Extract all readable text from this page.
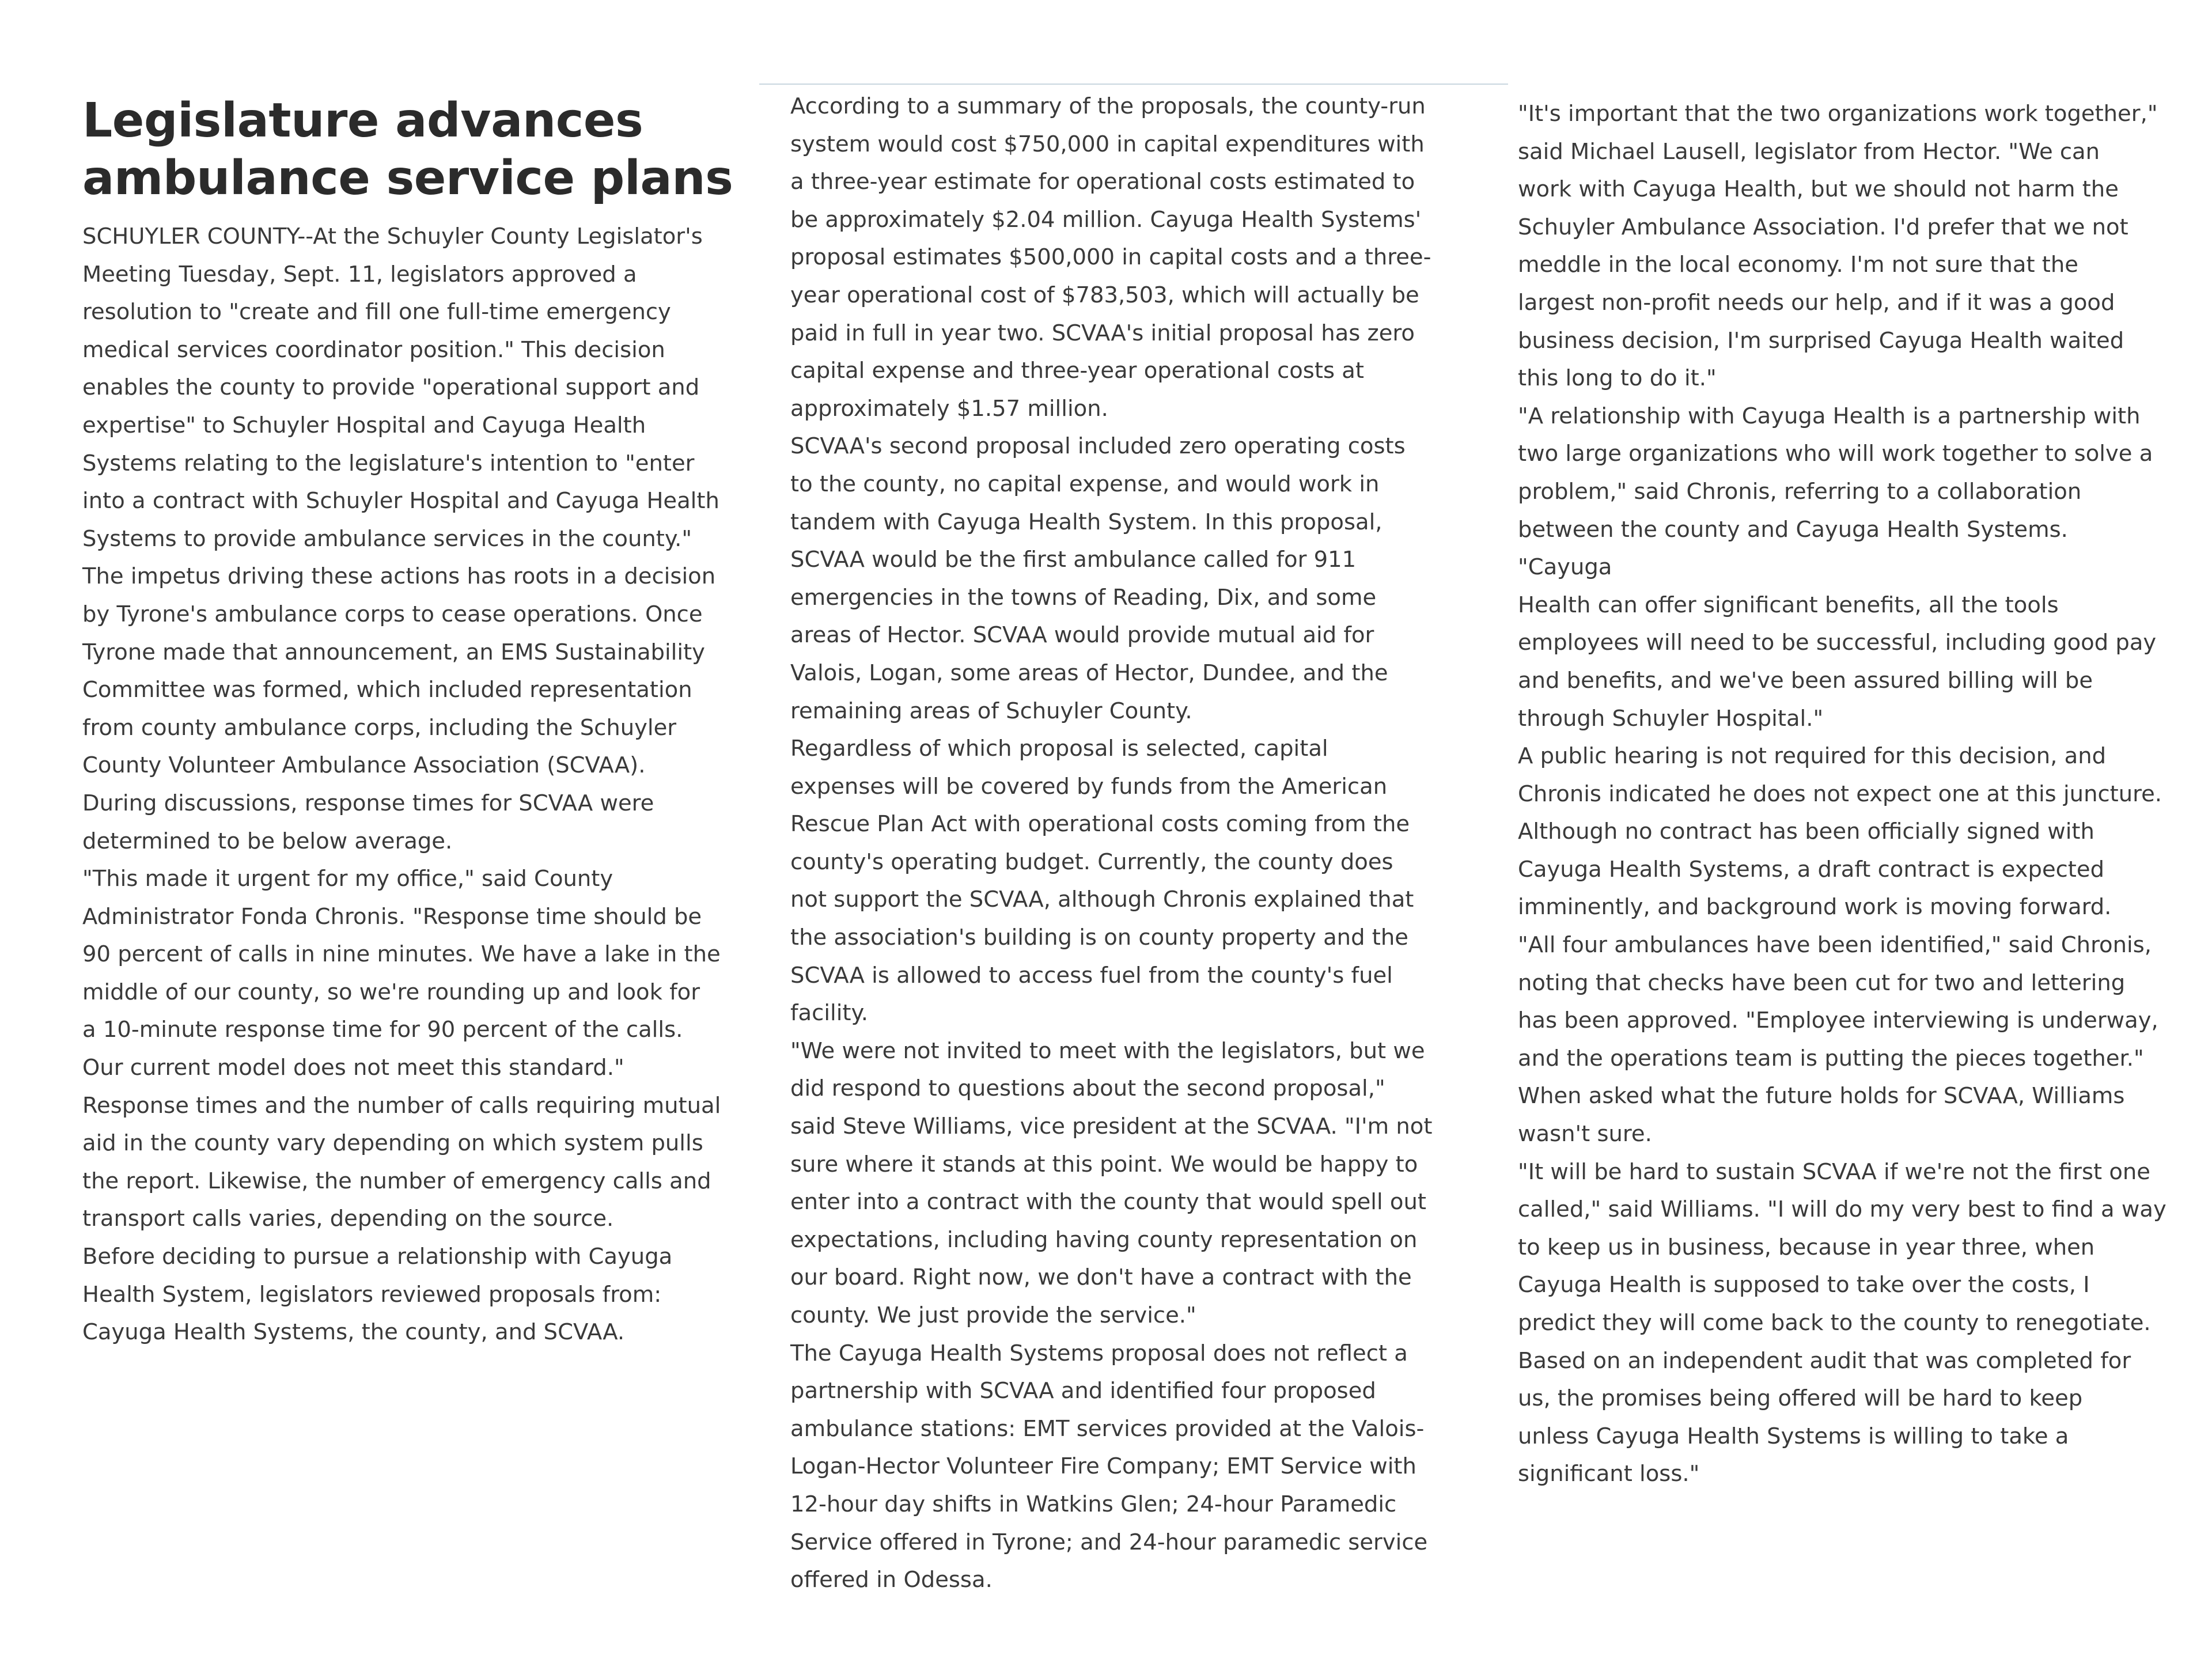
Legislature advances
ambulance service plans

SCHUYLER COUNTY--At the Schuyler County Legislator's
Meeting Tuesday, Sept. 11, legislators approved a
resolution to "create and fill one full-time emergency
medical services coordinator position." This decision
enables the county to provide "operational support and
expertise" to Schuyler Hospital and Cayuga Health
Systems relating to the legislature's intention to "enter
into a contract with Schuyler Hospital and Cayuga Health
Systems to provide ambulance services in the county."

The impetus driving these actions has roots in a decision
by Tyrone's ambulance corps to cease operations. Once
Tyrone made that announcement, an EMS Sustainability
Committee was formed, which included representation
from county ambulance corps, including the Schuyler
County Volunteer Ambulance Association (SCVAA).
During discussions, response times for SCVAA were
determined to be below average.

"This made it urgent for my office," said County
Administrator Fonda Chronis. "Response time should be
90 percent of calls in nine minutes. We have a lake in the
middle of our county, so we're rounding up and look for
a 10-minute response time for 90 percent of the calls.
Our current model does not meet this standard."

Response times and the number of calls requiring mutual
aid in the county vary depending on which system pulls
the report. Likewise, the number of emergency calls and
transport calls varies, depending on the source.

Before deciding to pursue a relationship with Cayuga
Health System, legislators reviewed proposals from:
Cayuga Health Systems, the county, and SCVAA.

According to a summary of the proposals, the county-run
system would cost $750,000 in capital expenditures with
a three-year estimate for operational costs estimated to
be approximately $2.04 million. Cayuga Health Systems'
proposal estimates $500,000 in capital costs and a three-
year operational cost of $783,503, which will actually be
paid in full in year two. SCVAA's initial proposal has zero
capital expense and three-year operational costs at
approximately $1.57 million.

SCVAA's second proposal included zero operating costs
to the county, no capital expense, and would work in
tandem with Cayuga Health System. In this proposal,
SCVAA would be the first ambulance called for 911
emergencies in the towns of Reading, Dix, and some
areas of Hector. SCVAA would provide mutual aid for
Valois, Logan, some areas of Hector, Dundee, and the
remaining areas of Schuyler County.

Regardless of which proposal is selected, capital
expenses will be covered by funds from the American
Rescue Plan Act with operational costs coming from the
county's operating budget. Currently, the county does
not support the SCVAA, although Chronis explained that
the association's building is on county property and the
SCVAA is allowed to access fuel from the county's fuel
facility.

"We were not invited to meet with the legislators, but we
did respond to questions about the second proposal,"
said Steve Williams, vice president at the SCVAA. "I'm not
sure where it stands at this point. We would be happy to
enter into a contract with the county that would spell out
expectations, including having county representation on
our board. Right now, we don't have a contract with the
county. We just provide the service."

The Cayuga Health Systems proposal does not reflect a
partnership with SCVAA and identified four proposed
ambulance stations: EMT services provided at the Valois-
Logan-Hector Volunteer Fire Company; EMT Service with
12-hour day shifts in Watkins Glen; 24-hour Paramedic
Service offered in Tyrone; and 24-hour paramedic service
offered in Odessa.

"It's important that the two organizations work together,"
said Michael Lausell, legislator from Hector. "We can
work with Cayuga Health, but we should not harm the
Schuyler Ambulance Association. I'd prefer that we not
meddle in the local economy. I'm not sure that the
largest non-profit needs our help, and if it was a good
business decision, I'm surprised Cayuga Health waited
this long to do it."

"A relationship with Cayuga Health is a partnership with
two large organizations who will work together to solve a
problem," said Chronis, referring to a collaboration
between the county and Cayuga Health Systems. "Cayuga
Health can offer significant benefits, all the tools
employees will need to be successful, including good pay
and benefits, and we've been assured billing will be
through Schuyler Hospital."

A public hearing is not required for this decision, and
Chronis indicated he does not expect one at this juncture.
Although no contract has been officially signed with
Cayuga Health Systems, a draft contract is expected
imminently, and background work is moving forward.

"All four ambulances have been identified," said Chronis,
noting that checks have been cut for two and lettering
has been approved. "Employee interviewing is underway,
and the operations team is putting the pieces together."

When asked what the future holds for SCVAA, Williams
wasn't sure.

"It will be hard to sustain SCVAA if we're not the first one
called," said Williams. "I will do my very best to find a way
to keep us in business, because in year three, when
Cayuga Health is supposed to take over the costs, I
predict they will come back to the county to renegotiate.
Based on an independent audit that was completed for
us, the promises being offered will be hard to keep
unless Cayuga Health Systems is willing to take a
significant loss."
